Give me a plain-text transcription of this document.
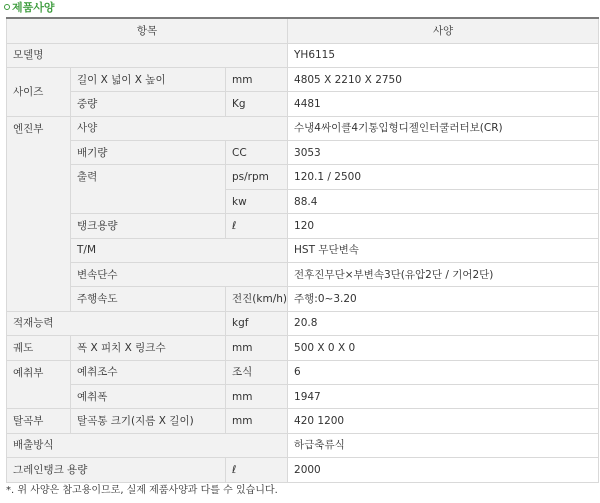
제품사양
항목			사양
모델명			YH6115
사이즈	길이 X 넓이 X 높이	mm	4805 X 2210 X 2750
	중량	Kg	4481
엔진부	사양		수냉4싸이클4기통입형디젤인터쿨러터보(CR)
	배기량	CC	3053
	출력	ps/rpm	120.1 / 2500
		kw	88.4
	탱크용량	ℓ	120
	T/M		HST 무단변속
	변속단수		전후진무단×부변속3단(유압2단 / 기어2단)
	주행속도	전진(km/h)	주행:0~3.20
적재능력		kgf	20.8
궤도	폭 X 피치 X 링크수	mm	500 X 0 X 0
예취부	예취조수	조식	6
	예취폭	mm	1947
탈곡부	탈곡통 크기(지름 X 길이)	mm	420 1200
배출방식			하급축류식
그레인탱크 용량		ℓ	2000
*. 위 사양은 참고용이므로, 실제 제품사양과 다를 수 있습니다.
